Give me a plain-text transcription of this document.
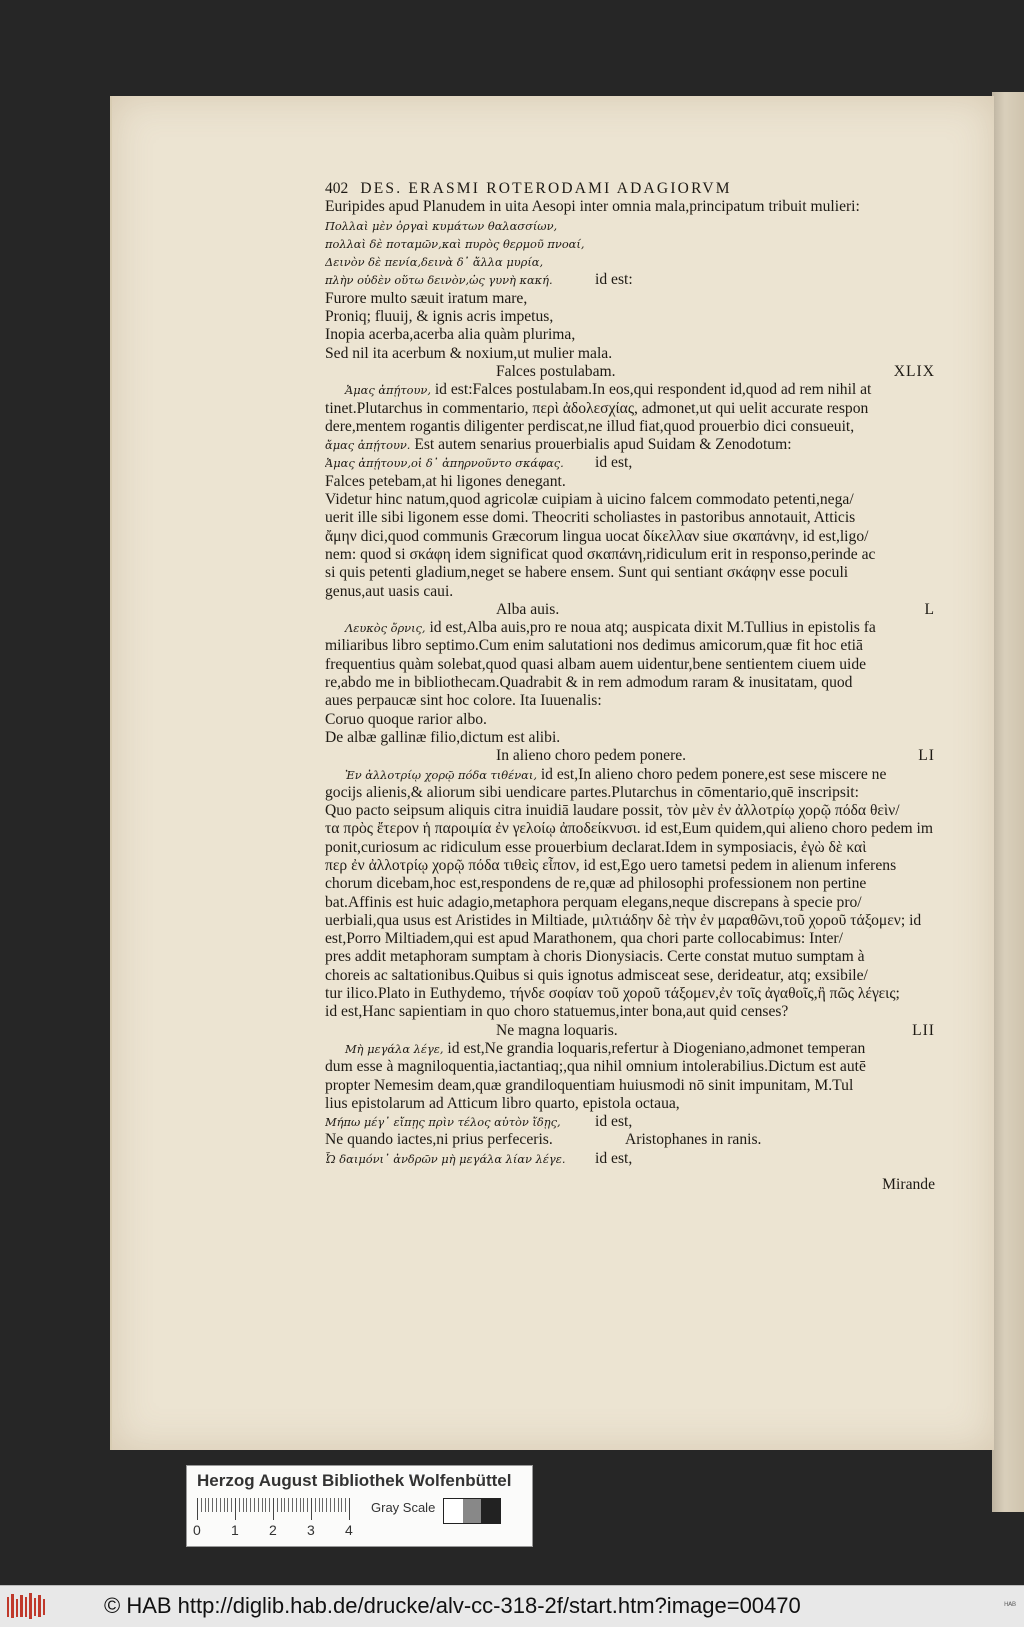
402 DES. ERASMI ROTERODAMI ADAGIORVM
Euripides apud Planudem in uita Aesopi inter omnia mala,principatum tribuit mulieri:
Πολλαὶ μὲν ὀργαὶ κυμάτων θαλασσίων,
πολλαὶ δὲ ποταμῶν,καὶ πυρὸς θερμοῦ πνοαί,
Δεινὸν δὲ πενία,δεινὰ δ᾽ ἄλλα μυρία,
πλὴν οὐδὲν οὕτω δεινὸν,ὡς γυνὴ κακή.	id est:
Furore multo sæuit iratum mare,
Proniq; fluuij, & ignis acris impetus,
Inopia acerba,acerba alia quàm plurima,
Sed nil ita acerbum & noxium,ut mulier mala.
Falces postulabam.	XLIX
Ἀμας ἀπῄτουν, id est:Falces postulabam.In eos,qui respondent id,quod ad rem nihil at
tinet.Plutarchus in commentario, περὶ ἀδολεσχίας, admonet,ut qui uelit accurate respon
dere,mentem rogantis diligenter perdiscat,ne illud fiat,quod prouerbio dici consueuit,
ἄμας ἀπῄτουν. Est autem senarius prouerbialis apud Suidam & Zenodotum:
Ἀμας ἀπῄτουν,οἱ δ᾽ ἀπηρνοῦντο σκάφας. id est,
Falces petebam,at hi ligones denegant.
Videtur hinc natum,quod agricolæ cuipiam à uicino falcem commodato petenti,nega/
uerit ille sibi ligonem esse domi. Theocriti scholiastes in pastoribus annotauit, Atticis
ἄμην dici,quod communis Græcorum lingua uocat δίκελλαν siue σκαπάνην, id est,ligo/
nem: quod si σκάφη idem significat quod σκαπάνη,ridiculum erit in responso,perinde ac
si quis petenti gladium,neget se habere ensem. Sunt qui sentiant σκάφην esse poculi
genus,aut uasis caui.
Alba auis.	L
Λευκὸς ὄρνις, id est,Alba auis,pro re noua atq; auspicata dixit M.Tullius in epistolis fa
miliaribus libro septimo.Cum enim salutationi nos dedimus amicorum,quæ fit hoc etiā
frequentius quàm solebat,quod quasi albam auem uidentur,bene sentientem ciuem uide
re,abdo me in bibliothecam.Quadrabit & in rem admodum raram & inusitatam, quod
aues perpaucæ sint hoc colore. Ita Iuuenalis:
Coruo quoque rarior albo.
De albæ gallinæ filio,dictum est alibi.
In alieno choro pedem ponere.	LI
Ἐν ἀλλοτρίῳ χορῷ πόδα τιθέναι, id est,In alieno choro pedem ponere,est sese miscere ne
gocijs alienis,& aliorum sibi uendicare partes.Plutarchus in cōmentario,quē inscripsit:
Quo pacto seipsum aliquis citra inuidiā laudare possit, τὸν μὲν ἐν ἀλλοτρίῳ χορῷ πόδα θεὶν/
τα πρὸς ἔτερον ἡ παροιμία ἐν γελοίῳ ἀποδείκνυσι. id est,Eum quidem,qui alieno choro pedem im
ponit,curiosum ac ridiculum esse prouerbium declarat.Idem in symposiacis, ἐγὼ δὲ καὶ
περ ἐν ἀλλοτρίῳ χορῷ πόδα τιθεὶς εἶπον, id est,Ego uero tametsi pedem in alienum inferens
chorum dicebam,hoc est,respondens de re,quæ ad philosophi professionem non pertine
bat.Affinis est huic adagio,metaphora perquam elegans,neque discrepans à specie pro/
uerbiali,qua usus est Aristides in Miltiade, μιλτιάδην δὲ τὴν ἐν μαραθῶνι,τοῦ χοροῦ τάξομεν; id
est,Porro Miltiadem,qui est apud Marathonem, qua chori parte collocabimus: Inter/
pres addit metaphoram sumptam à choris Dionysiacis. Certe constat mutuo sumptam à
choreis ac saltationibus.Quibus si quis ignotus admisceat sese, derideatur, atq; exsibile/
tur ilico.Plato in Euthydemo, τήνδε σοφίαν τοῦ χοροῦ τάξομεν,ἐν τοῖς ἀγαθοῖς,ἢ πῶς λέγεις;
id est,Hanc sapientiam in quo choro statuemus,inter bona,aut quid censes?
Ne magna loquaris.	LII
Μὴ μεγάλα λέγε, id est,Ne grandia loquaris,refertur à Diogeniano,admonet temperan
dum esse à magniloquentia,iactantiaq;,qua nihil omnium intolerabilius.Dictum est autē
propter Nemesim deam,quæ grandiloquentiam huiusmodi nō sinit impunitam, M.Tul
lius epistolarum ad Atticum libro quarto, epistola octaua,
Μήπω μέγ᾽ εἴπῃς πρὶν τέλος αὐτὸν ἴδῃς, id est,
Ne quando iactes,ni prius perfeceris.	Aristophanes in ranis.
Ὦ δαιμόνι᾽ ἀνδρῶν μὴ μεγάλα λίαν λέγε. id est,
Mirande
Herzog August Bibliothek Wolfenbüttel
0 1 2 3 4
Gray Scale
© HAB http://diglib.hab.de/drucke/alv-cc-318-2f/start.htm?image=00470	ᴴᴬᴮ
